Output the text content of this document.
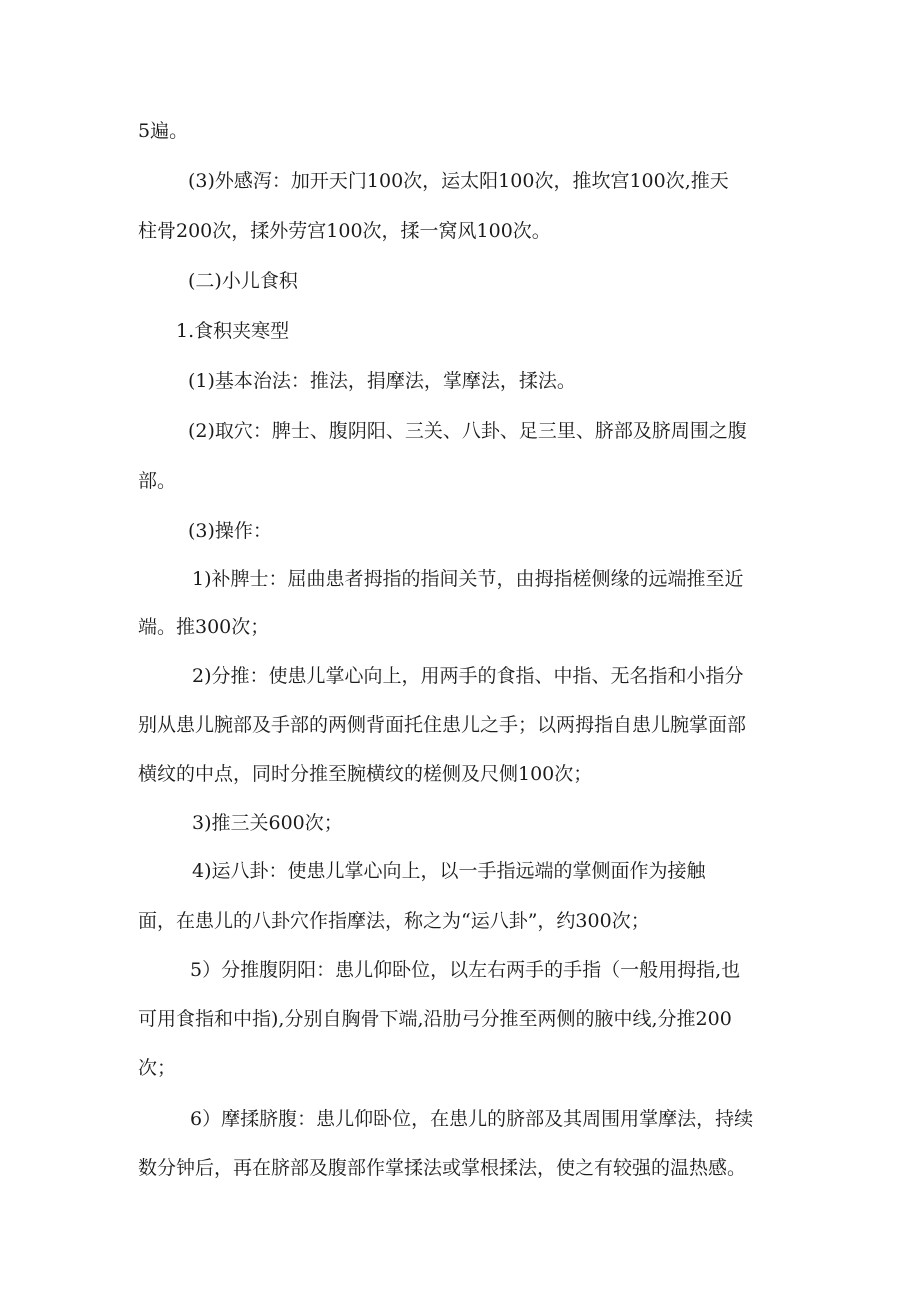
5遍。
(3)外感泻：加开天门100次，运太阳100次，推坎宫100次,推天
柱骨200次，揉外劳宫100次，揉一窝风100次。
(二)小儿食积
1.食积夹寒型
(1)基本治法：推法，捐摩法，掌摩法，揉法。
(2)取穴：脾士、腹阴阳、三关、八卦、足三里、脐部及脐周围之腹
部。
(3)操作：
1)补脾士：屈曲患者拇指的指间关节，由拇指槎侧缘的远端推至近
端。推300次；
2)分推：使患儿掌心向上，用两手的食指、中指、无名指和小指分
别从患儿腕部及手部的两侧背面托住患儿之手；以两拇指自患儿腕掌面部
横纹的中点，同时分推至腕横纹的槎侧及尺侧100次；
3)推三关600次；
4)运八卦：使患儿掌心向上，以一手指远端的掌侧面作为接触
面，在患儿的八卦穴作指摩法，称之为“运八卦”，约300次；
5）分推腹阴阳：患儿仰卧位，以左右两手的手指（一般用拇指,也
可用食指和中指),分别自胸骨下端,沿肋弓分推至两侧的腋中线,分推200
次；
6）摩揉脐腹：患儿仰卧位，在患儿的脐部及其周围用掌摩法，持续
数分钟后，再在脐部及腹部作掌揉法或掌根揉法，使之有较强的温热感。
